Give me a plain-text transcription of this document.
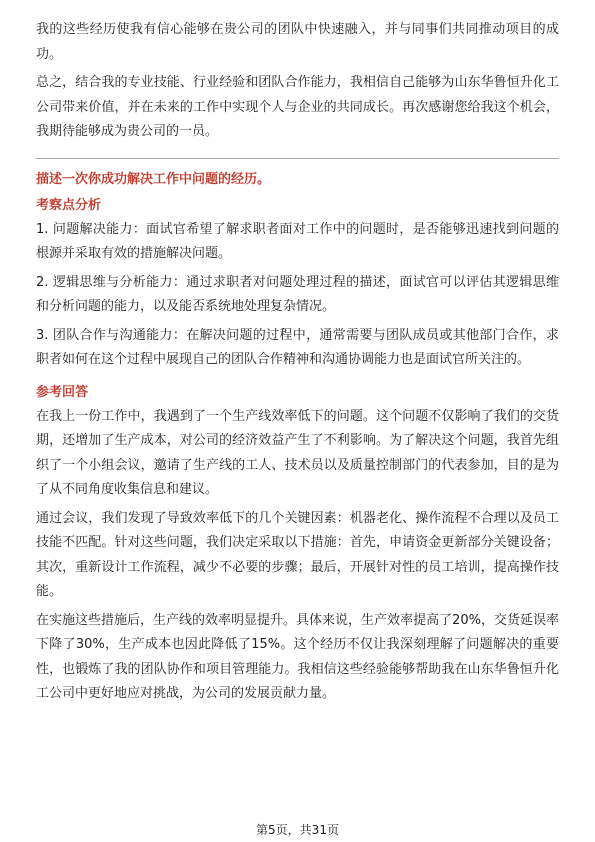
我的这些经历使我有信心能够在贵公司的团队中快速融入，并与同事们共同推动项目的成功。

总之，结合我的专业技能、行业经验和团队合作能力，我相信自己能够为山东华鲁恒升化工公司带来价值，并在未来的工作中实现个人与企业的共同成长。再次感谢您给我这个机会，我期待能够成为贵公司的一员。

描述一次你成功解决工作中问题的经历。

考察点分析

1. 问题解决能力：面试官希望了解求职者面对工作中的问题时，是否能够迅速找到问题的根源并采取有效的措施解决问题。

2. 逻辑思维与分析能力：通过求职者对问题处理过程的描述，面试官可以评估其逻辑思维和分析问题的能力，以及能否系统地处理复杂情况。

3. 团队合作与沟通能力：在解决问题的过程中，通常需要与团队成员或其他部门合作，求职者如何在这个过程中展现自己的团队合作精神和沟通协调能力也是面试官所关注的。

参考回答

在我上一份工作中，我遇到了一个生产线效率低下的问题。这个问题不仅影响了我们的交货期，还增加了生产成本，对公司的经济效益产生了不利影响。为了解决这个问题，我首先组织了一个小组会议，邀请了生产线的工人、技术员以及质量控制部门的代表参加，目的是为了从不同角度收集信息和建议。

通过会议，我们发现了导致效率低下的几个关键因素：机器老化、操作流程不合理以及员工技能不匹配。针对这些问题，我们决定采取以下措施：首先，申请资金更新部分关键设备；其次，重新设计工作流程，减少不必要的步骤；最后，开展针对性的员工培训，提高操作技能。

在实施这些措施后，生产线的效率明显提升。具体来说，生产效率提高了20%，交货延误率下降了30%，生产成本也因此降低了15%。这个经历不仅让我深刻理解了问题解决的重要性，也锻炼了我的团队协作和项目管理能力。我相信这些经验能够帮助我在山东华鲁恒升化工公司中更好地应对挑战，为公司的发展贡献力量。

第5页，共31页
